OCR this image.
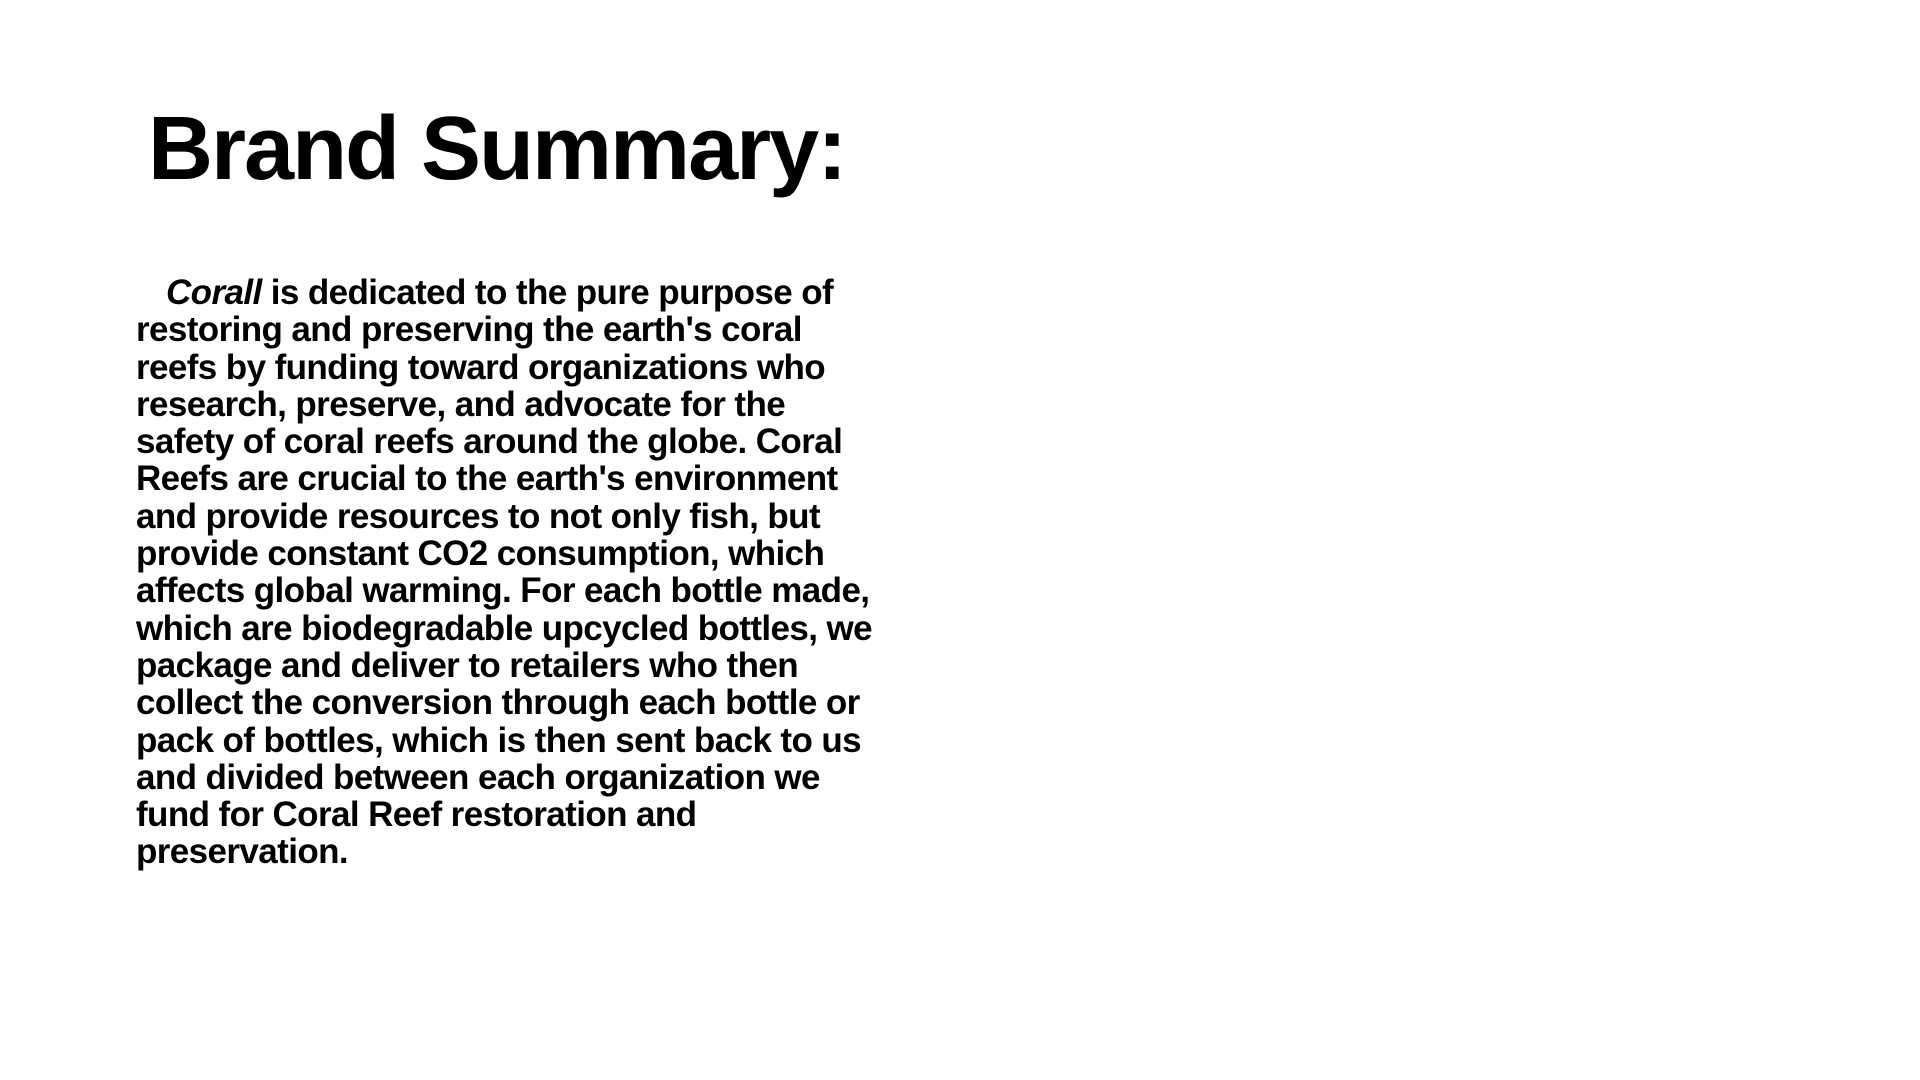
Brand Summary:
Corall is dedicated to the pure purpose of
restoring and preserving the earth's coral
reefs by funding toward organizations who
research, preserve, and advocate for the
safety of coral reefs around the globe. Coral
Reefs are crucial to the earth's environment
and provide resources to not only fish, but
provide constant CO2 consumption, which
affects global warming. For each bottle made,
which are biodegradable upcycled bottles, we
package and deliver to retailers who then
collect the conversion through each bottle or
pack of bottles, which is then sent back to us
and divided between each organization we
fund for Coral Reef restoration and
preservation.
